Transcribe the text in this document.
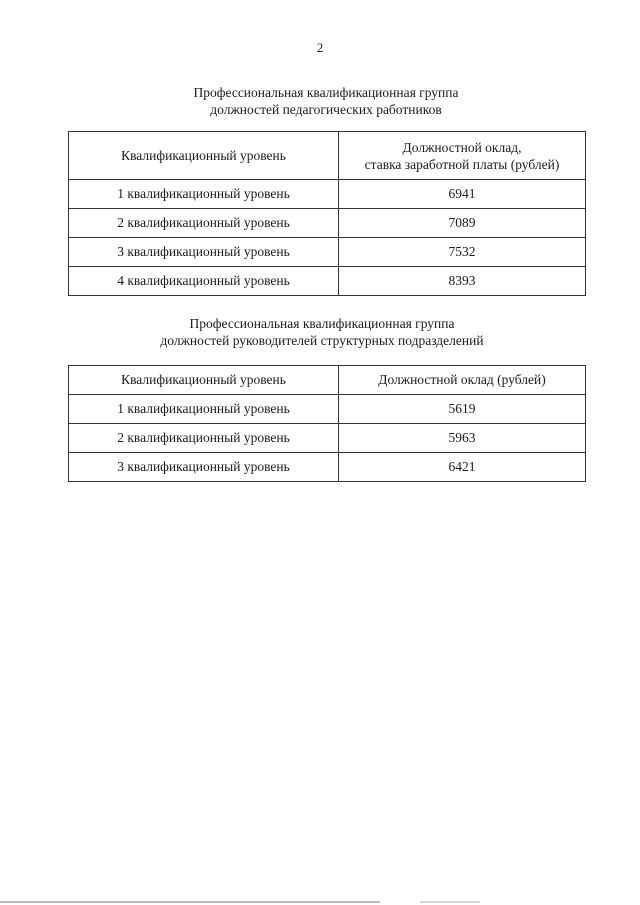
2
Профессиональная квалификационная группа
должностей педагогических работников
Квалификационный уровень	Должностной оклад,
ставка заработной платы (рублей)

1 квалификационный уровень	6941
2 квалификационный уровень	7089
3 квалификационный уровень	7532
4 квалификационный уровень	8393
Профессиональная квалификационная группа
должностей руководителей структурных подразделений
Квалификационный уровень	Должностной оклад (рублей)
1 квалификационный уровень	5619
2 квалификационный уровень	5963
3 квалификационный уровень	6421
